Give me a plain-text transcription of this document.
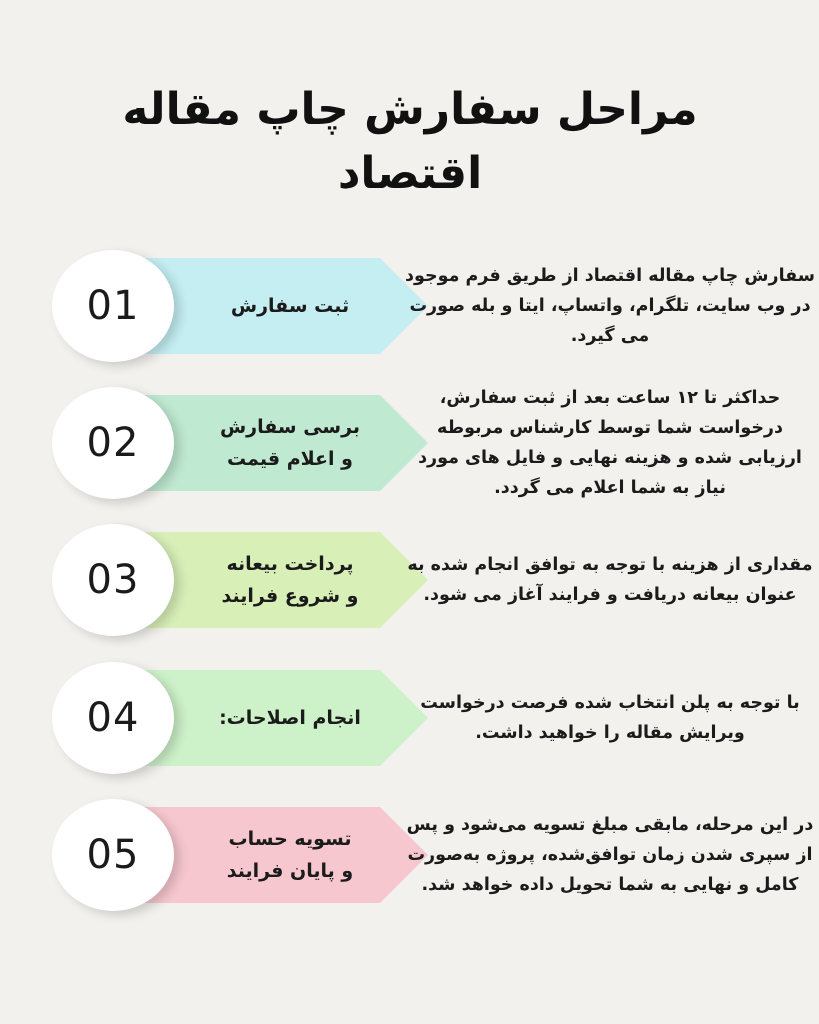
مراحل سفارش چاپ مقاله اقتصاد
01	ثبت سفارش
سفارش چاپ مقاله اقتصاد از طریق فرم موجود در وب سایت، تلگرام، واتساپ، ایتا و بله صورت می گیرد.
02	برسی سفارش
و اعلام قیمت
حداکثر تا ۱۲ ساعت بعد از ثبت سفارش، درخواست شما توسط کارشناس مربوطه ارزیابی شده و هزینه نهایی و فایل های مورد نیاز به شما اعلام می گردد.
03	پرداخت بیعانه
و شروع فرایند
مقداری از هزینه با توجه به توافق انجام شده به عنوان بیعانه دریافت و فرایند آغاز می شود.
04	انجام اصلاحات:
با توجه به پلن انتخاب شده فرصت درخواست ویرایش مقاله را خواهید داشت.
05	تسویه حساب
و پایان فرایند
در این مرحله، مابقی مبلغ تسویه می‌شود و پس از سپری شدن زمان توافق‌شده، پروژه به‌صورت کامل و نهایی به شما تحویل داده خواهد شد.
